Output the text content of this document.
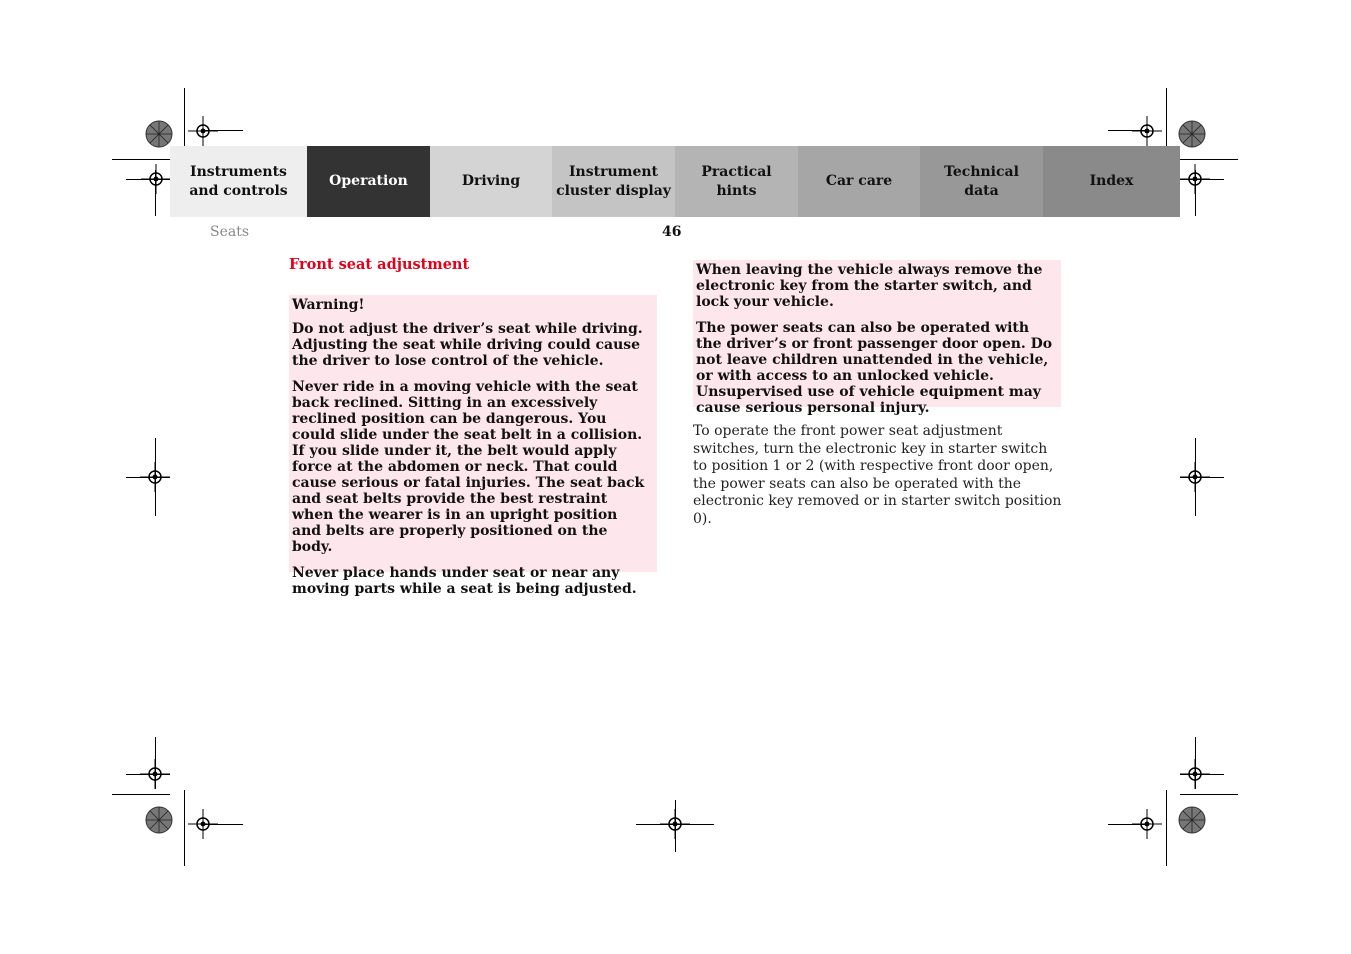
Instruments
and controls
Operation	Driving
Instrument
cluster display
Practical hints
Car care
Technical
data
Index
Seats	46
Front seat adjustment

Warning!

Do not adjust the driver’s seat while driving. Adjusting the seat while driving could cause the driver to lose control of the vehicle.

Never ride in a moving vehicle with the seat back reclined. Sitting in an excessively reclined position can be dangerous. You could slide under the seat belt in a collision. If you slide under it, the belt would apply force at the abdomen or neck. That could cause serious or fatal injuries. The seat back and seat belts provide the best restraint when the wearer is in an upright position and belts are properly positioned on the body.

Never place hands under seat or near any moving parts while a seat is being adjusted.

When leaving the vehicle always remove the electronic key from the starter switch, and lock your vehicle.

The power seats can also be operated with the driver’s or front passenger door open. Do not leave children unattended in the vehicle, or with access to an unlocked vehicle. Unsupervised use of vehicle equipment may cause serious personal injury.

To operate the front power seat adjustment switches, turn the electronic key in starter switch to position 1 or 2 (with respective front door open, the power seats can also be operated with the electronic key removed or in starter switch position 0).
